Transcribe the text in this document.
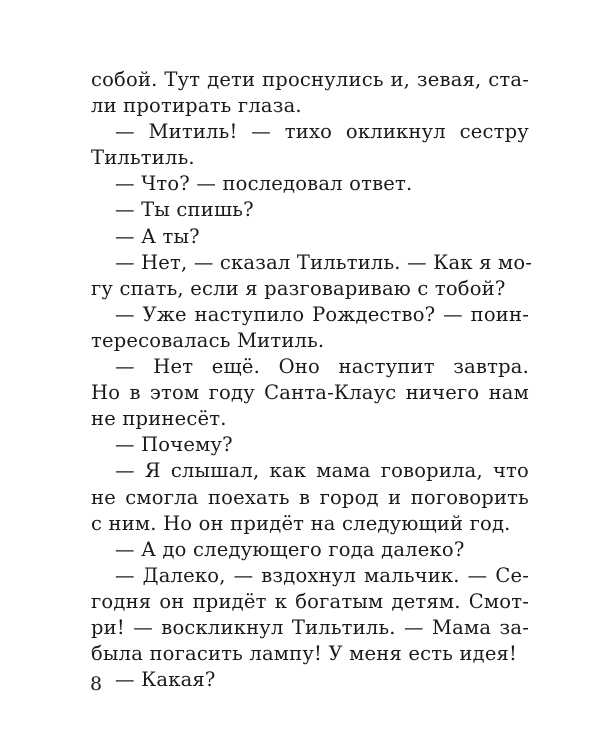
собой. Тут дети проснулись и, зевая, ста-
ли протирать глаза.
— Митиль! — тихо окликнул сестру
Тильтиль.
— Что? — последовал ответ.
— Ты спишь?
— А ты?
— Нет, — сказал Тильтиль. — Как я мо-
гу спать, если я разговариваю с тобой?
— Уже наступило Рождество? — поин-
тересовалась Митиль.
— Нет ещё. Оно наступит завтра.
Но в этом году Санта-Клаус ничего нам
не принесёт.
— Почему?
— Я слышал, как мама говорила, что
не смогла поехать в город и поговорить
с ним. Но он придёт на следующий год.
— А до следующего года далеко?
— Далеко, — вздохнул мальчик. — Се-
годня он придёт к богатым детям. Смот-
ри! — воскликнул Тильтиль. — Мама за-
была погасить лампу! У меня есть идея!
— Какая?
8
